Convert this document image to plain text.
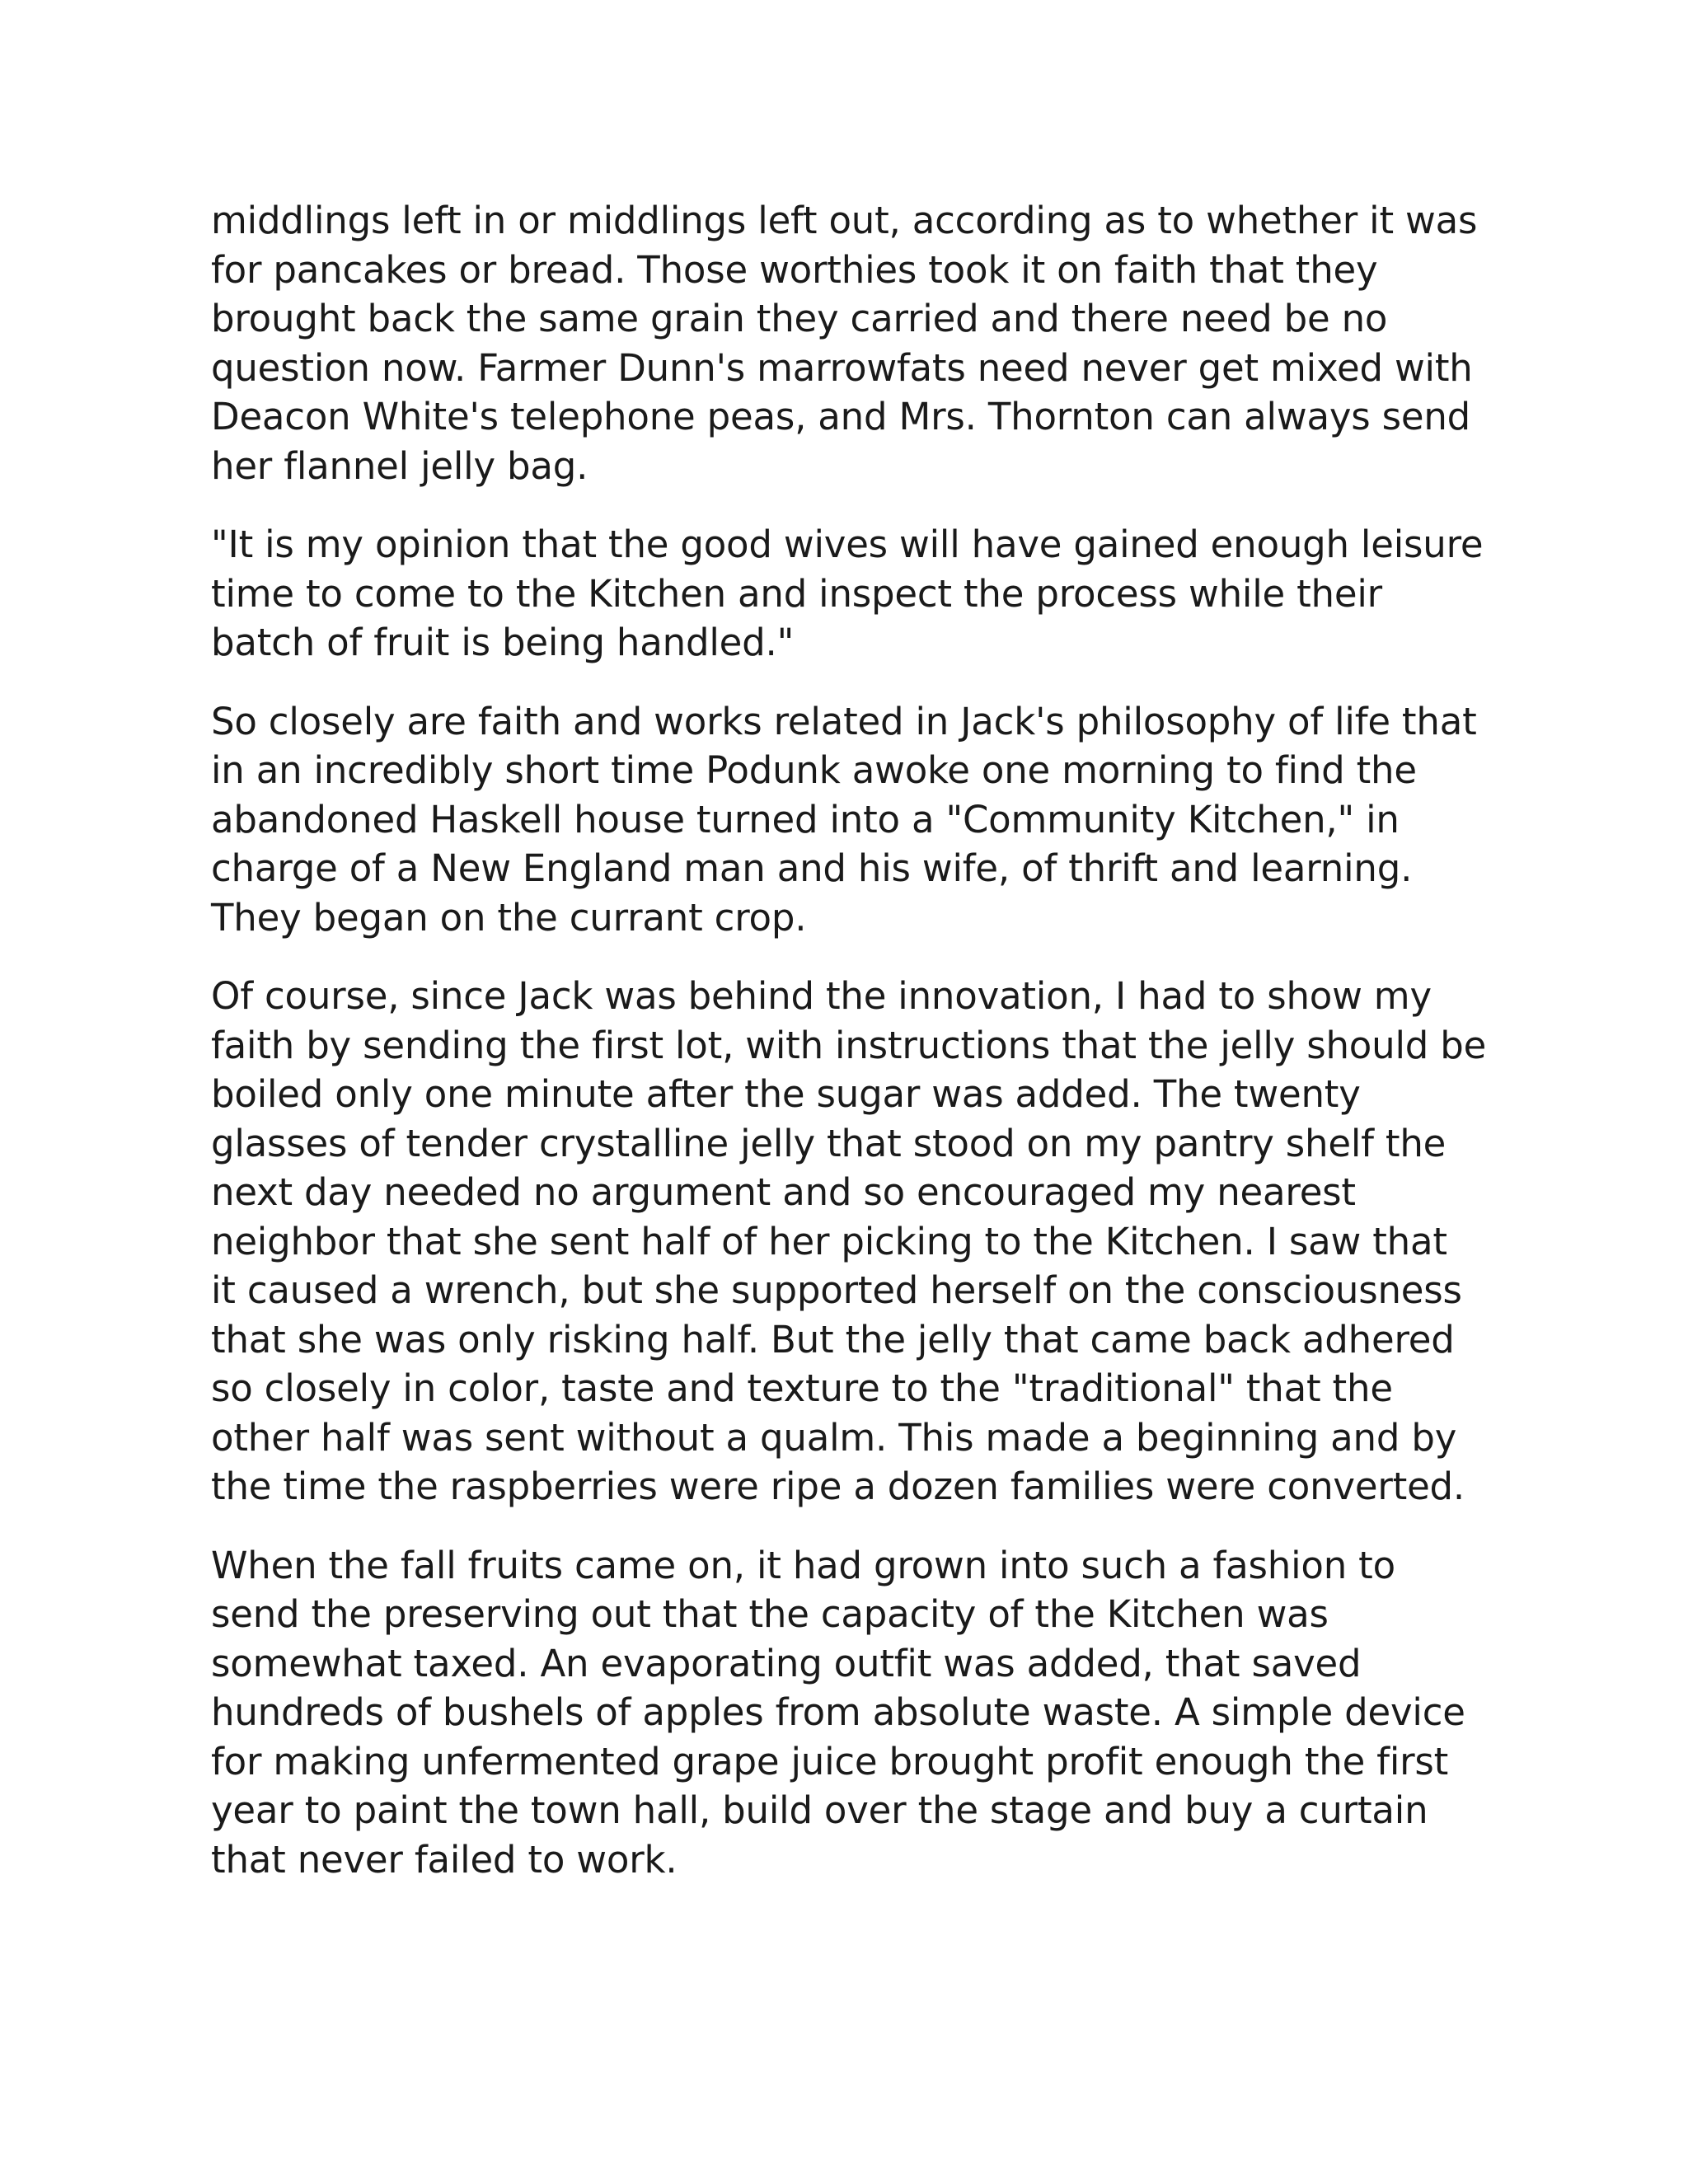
middlings left in or middlings left out, according as to whether it was
for pancakes or bread. Those worthies took it on faith that they
brought back the same grain they carried and there need be no
question now. Farmer Dunn's marrowfats need never get mixed with
Deacon White's telephone peas, and Mrs. Thornton can always send
her flannel jelly bag.

"It is my opinion that the good wives will have gained enough leisure
time to come to the Kitchen and inspect the process while their
batch of fruit is being handled."

So closely are faith and works related in Jack's philosophy of life that
in an incredibly short time Podunk awoke one morning to find the
abandoned Haskell house turned into a "Community Kitchen," in
charge of a New England man and his wife, of thrift and learning.
They began on the currant crop.

Of course, since Jack was behind the innovation, I had to show my
faith by sending the first lot, with instructions that the jelly should be
boiled only one minute after the sugar was added. The twenty
glasses of tender crystalline jelly that stood on my pantry shelf the
next day needed no argument and so encouraged my nearest
neighbor that she sent half of her picking to the Kitchen. I saw that
it caused a wrench, but she supported herself on the consciousness
that she was only risking half. But the jelly that came back adhered
so closely in color, taste and texture to the "traditional" that the
other half was sent without a qualm. This made a beginning and by
the time the raspberries were ripe a dozen families were converted.

When the fall fruits came on, it had grown into such a fashion to
send the preserving out that the capacity of the Kitchen was
somewhat taxed. An evaporating outfit was added, that saved
hundreds of bushels of apples from absolute waste. A simple device
for making unfermented grape juice brought profit enough the first
year to paint the town hall, build over the stage and buy a curtain
that never failed to work.
